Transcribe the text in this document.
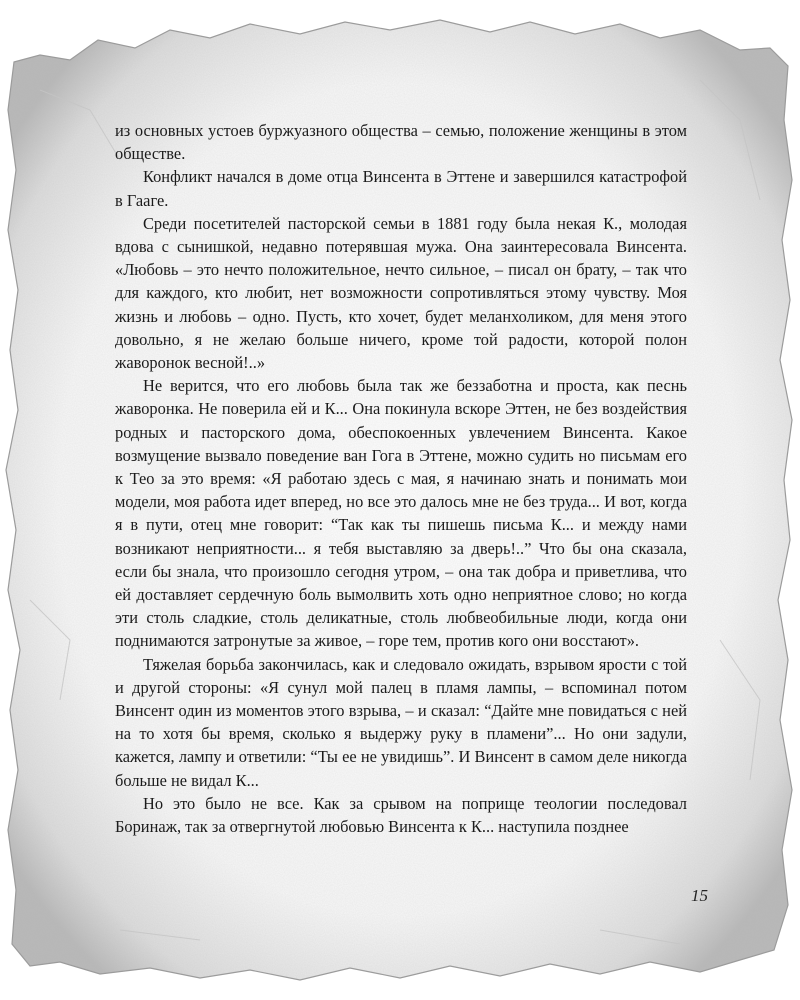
из основных устоев буржуазного общества – семью, положение женщины в этом обществе.

Конфликт начался в доме отца Винсента в Эттене и завершился катастрофой в Гааге.

Среди посетителей пасторской семьи в 1881 году была некая К., молодая вдова с сынишкой, недавно потерявшая мужа. Она заинтересовала Винсента. «Любовь – это нечто положительное, нечто сильное, – писал он брату, – так что для каждого, кто любит, нет возможности сопротивляться этому чувству. Моя жизнь и любовь – одно. Пусть, кто хочет, будет меланхоликом, для меня этого довольно, я не желаю больше ничего, кроме той радости, которой полон жаворонок весной!..»

Не верится, что его любовь была так же беззаботна и проста, как песнь жаворонка. Не поверила ей и К... Она покинула вскоре Эттен, не без воздействия родных и пасторского дома, обеспокоенных увлечением Винсента. Какое возмущение вызвало поведение ван Гога в Эттене, можно судить но письмам его к Тео за это время: «Я работаю здесь с мая, я начинаю знать и понимать мои модели, моя работа идет вперед, но все это далось мне не без труда... И вот, когда я в пути, отец мне говорит: “Так как ты пишешь письма К... и между нами возникают неприятности... я тебя выставляю за дверь!..” Что бы она сказала, если бы знала, что произошло сегодня утром, – она так добра и приветлива, что ей доставляет сердечную боль вымолвить хоть одно неприятное слово; но когда эти столь сладкие, столь деликатные, столь любвеобильные люди, когда они поднимаются затронутые за живое, – горе тем, против кого они восстают».

Тяжелая борьба закончилась, как и следовало ожидать, взрывом ярости с той и другой стороны: «Я сунул мой палец в пламя лампы, – вспоминал потом Винсент один из моментов этого взрыва, – и сказал: “Дайте мне повидаться с ней на то хотя бы время, сколько я выдержу руку в пламени”... Но они задули, кажется, лампу и ответили: “Ты ее не увидишь”. И Винсент в самом деле никогда больше не видал К...

Но это было не все. Как за срывом на поприще теологии последовал Боринаж, так за отвергнутой любовью Винсента к К... наступила позднее

15
